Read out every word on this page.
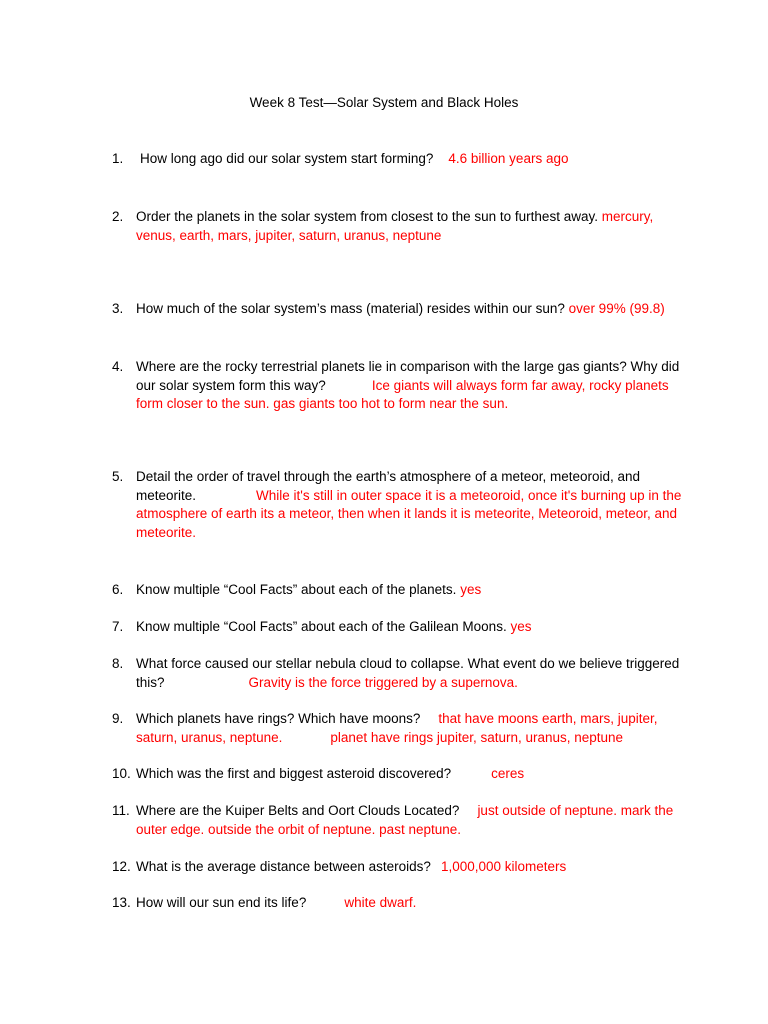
Week 8 Test—Solar System and Black Holes
1. How long ago did our solar system start forming? 4.6 billion years ago
2. Order the planets in the solar system from closest to the sun to furthest away. mercury, venus, earth, mars, jupiter, saturn, uranus, neptune
3. How much of the solar system’s mass (material) resides within our sun? over 99% (99.8)
4. Where are the rocky terrestrial planets lie in comparison with the large gas giants? Why did our solar system form this way?	Ice giants will always form far away, rocky planets form closer to the sun. gas giants too hot to form near the sun.
5. Detail the order of travel through the earth’s atmosphere of a meteor, meteoroid, and meteorite.	While it's still in outer space it is a meteoroid, once it's burning up in the atmosphere of earth its a meteor, then when it lands it is meteorite, Meteoroid, meteor, and meteorite.
6. Know multiple “Cool Facts” about each of the planets. yes
7. Know multiple “Cool Facts” about each of the Galilean Moons. yes
8. What force caused our stellar nebula cloud to collapse. What event do we believe triggered this?	Gravity is the force triggered by a supernova.
9. Which planets have rings? Which have moons? that have moons earth, mars, jupiter, saturn, uranus, neptune.	planet have rings jupiter, saturn, uranus, neptune
10. Which was the first and biggest asteroid discovered?	ceres
11. Where are the Kuiper Belts and Oort Clouds Located? just outside of neptune. mark the outer edge. outside the orbit of neptune. past neptune.
12. What is the average distance between asteroids? 1,000,000 kilometers
13. How will our sun end its life?	white dwarf.
